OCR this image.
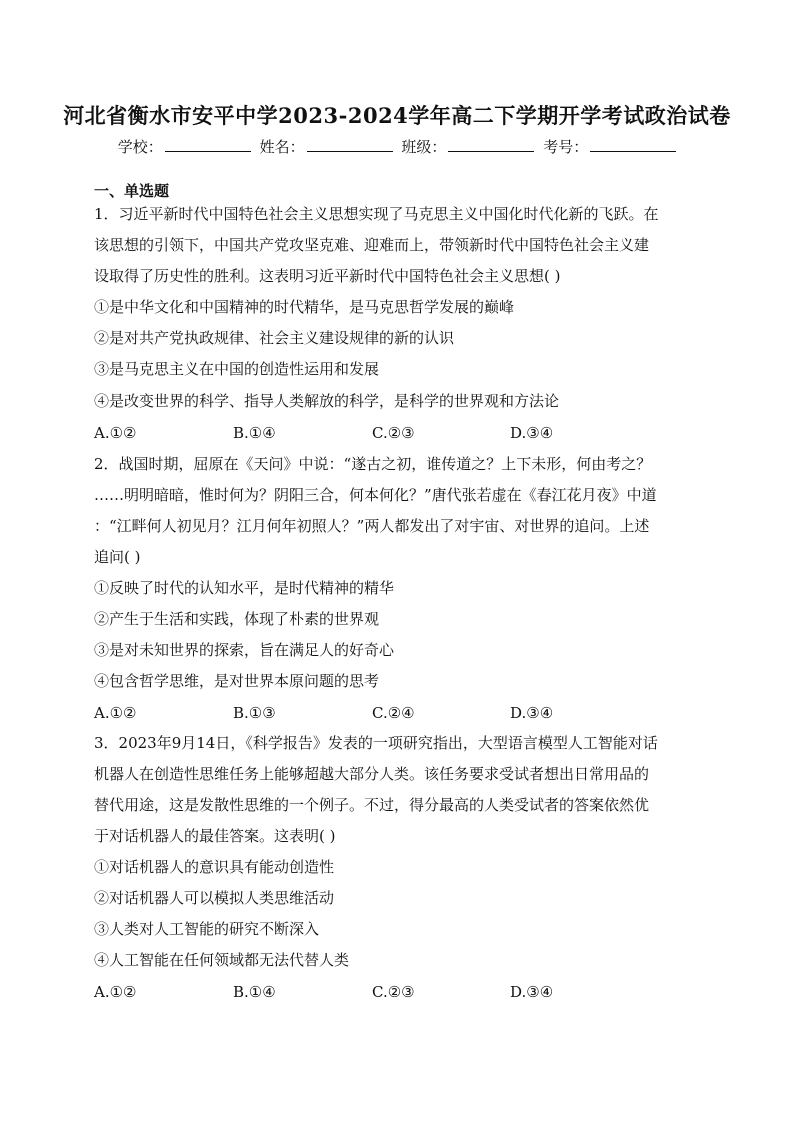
河北省衡水市安平中学2023-2024学年高二下学期开学考试政治试卷
学校：	姓名：	班级：	考号：
一、单选题
1．习近平新时代中国特色社会主义思想实现了马克思主义中国化时代化新的飞跃。在
该思想的引领下，中国共产党攻坚克难、迎难而上，带领新时代中国特色社会主义建
设取得了历史性的胜利。这表明习近平新时代中国特色社会主义思想( )
①是中华文化和中国精神的时代精华，是马克思哲学发展的巅峰
②是对共产党执政规律、社会主义建设规律的新的认识
③是马克思主义在中国的创造性运用和发展
④是改变世界的科学、指导人类解放的科学，是科学的世界观和方法论
A.①②	B.①④	C.②③	D.③④
2．战国时期，屈原在《天问》中说：“遂古之初，谁传道之？上下未形，何由考之？
……明明暗暗，惟时何为？阴阳三合，何本何化？”唐代张若虚在《春江花月夜》中道
：“江畔何人初见月？江月何年初照人？”两人都发出了对宇宙、对世界的追问。上述
追问( )
①反映了时代的认知水平，是时代精神的精华
②产生于生活和实践，体现了朴素的世界观
③是对未知世界的探索，旨在满足人的好奇心
④包含哲学思维，是对世界本原问题的思考
A.①②	B.①③	C.②④	D.③④
3．2023年9月14日，《科学报告》发表的一项研究指出，大型语言模型人工智能对话
机器人在创造性思维任务上能够超越大部分人类。该任务要求受试者想出日常用品的
替代用途，这是发散性思维的一个例子。不过，得分最高的人类受试者的答案依然优
于对话机器人的最佳答案。这表明( )
①对话机器人的意识具有能动创造性
②对话机器人可以模拟人类思维活动
③人类对人工智能的研究不断深入
④人工智能在任何领域都无法代替人类
A.①②	B.①④	C.②③	D.③④
